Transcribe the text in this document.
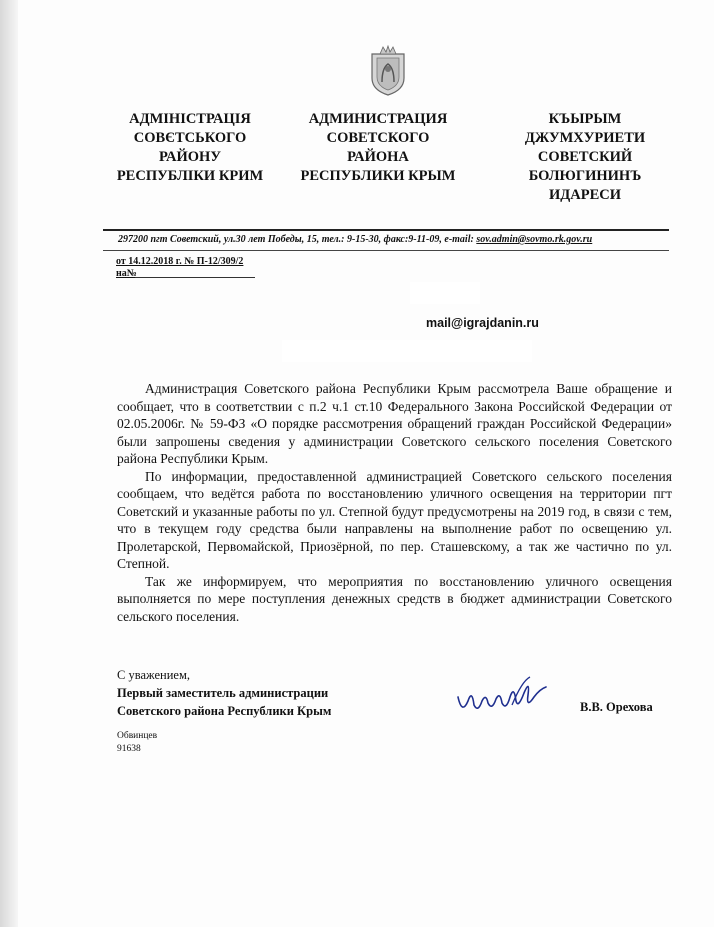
АДМІНІСТРАЦІЯ
СОВЄТСЬКОГО
РАЙОНУ
РЕСПУБЛІКИ КРИМ
АДМИНИСТРАЦИЯ
СОВЕТСКОГО
РАЙОНА
РЕСПУБЛИКИ КРЫМ
КЪЫРЫМ
ДЖУМХУРИЕТИ
СОВЕТСКИЙ
БОЛЮГИНИНЪ
ИДАРЕСИ
297200 пгт Советский, ул.30 лет Победы, 15, тел.: 9-15-30, факс:9-11-09, e-mail: sov.admin@sovmo.rk.gov.ru
от 14.12.2018 г. № П-12/309/2
на№
mail@igrajdanin.ru

Администрация Советского района Республики Крым рассмотрела Ваше обращение и сообщает, что в соответствии с п.2 ч.1 ст.10 Федерального Закона Российской Федерации от 02.05.2006г. № 59-ФЗ «О порядке рассмотрения обращений граждан Российской Федерации» были запрошены сведения у администрации Советского сельского поселения Советского района Республики Крым.

По информации, предоставленной администрацией Советского сельского поселения сообщаем, что ведётся работа по восстановлению уличного освещения на территории пгт Советский и указанные работы по ул. Степной будут предусмотрены на 2019 год, в связи с тем, что в текущем году средства были направлены на выполнение работ по освещению ул. Пролетарской, Первомайской, Приозёрной, по пер. Сташевскому, а так же частично по ул. Степной.

Так же информируем, что мероприятия по восстановлению уличного освещения выполняется по мере поступления денежных средств в бюджет администрации Советского сельского поселения.

С уважением,
Первый заместитель администрации
Советского района Республики Крым	В.В. Орехова
Обвинцев
91638
